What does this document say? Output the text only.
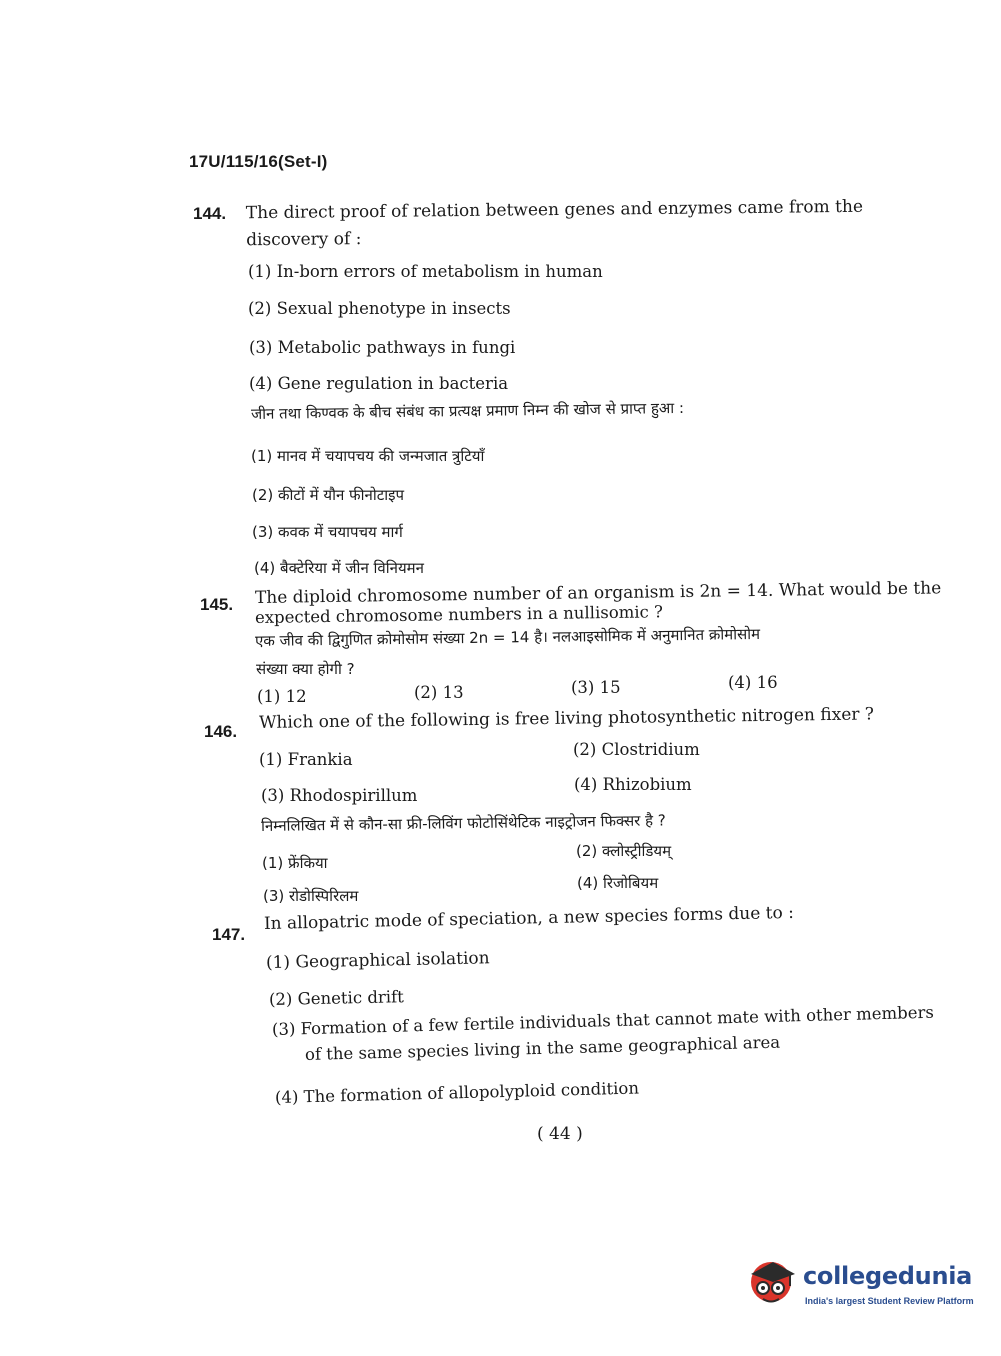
17U/115/16(Set-I)
144. The direct proof of relation between genes and enzymes came from the discovery of :
(1) In-born errors of metabolism in human
(2) Sexual phenotype in insects
(3) Metabolic pathways in fungi
(4) Gene regulation in bacteria
जीन तथा किण्वक के बीच संबंध का प्रत्यक्ष प्रमाण निम्न की खोज से प्राप्त हुआ :
(1) मानव में चयापचय की जन्मजात त्रुटियाँ
(2) कीटों में यौन फीनोटाइप
(3) कवक में चयापचय मार्ग
(4) बैक्टेरिया में जीन विनियमन
145. The diploid chromosome number of an organism is 2n = 14. What would be the
expected chromosome numbers in a nullisomic ?
एक जीव की द्विगुणित क्रोमोसोम संख्या 2n = 14 है। नलआइसोमिक में अनुमानित क्रोमोसोम
संख्या क्या होगी ?
(1) 12	(2) 13	(3) 15	(4) 16
146. Which one of the following is free living photosynthetic nitrogen fixer ?
(1) Frankia
(2) Clostridium
(3) Rhodospirillum
(4) Rhizobium
निम्नलिखित में से कौन-सा फ्री-लिविंग फोटोसिंथेटिक नाइट्रोजन फिक्सर है ?
(1) फ्रेंकिया
(2) क्लोस्ट्रीडियम्
(3) रोडोस्पिरिलम
(4) रिजोबियम
147.
In allopatric mode of speciation, a new species forms due to :
(1) Geographical isolation
(2) Genetic drift
(3) Formation of a few fertile individuals that cannot mate with other members
of the same species living in the same geographical area
(4) The formation of allopolyploid condition
( 44 )
collegedunia
India's largest Student Review Platform
